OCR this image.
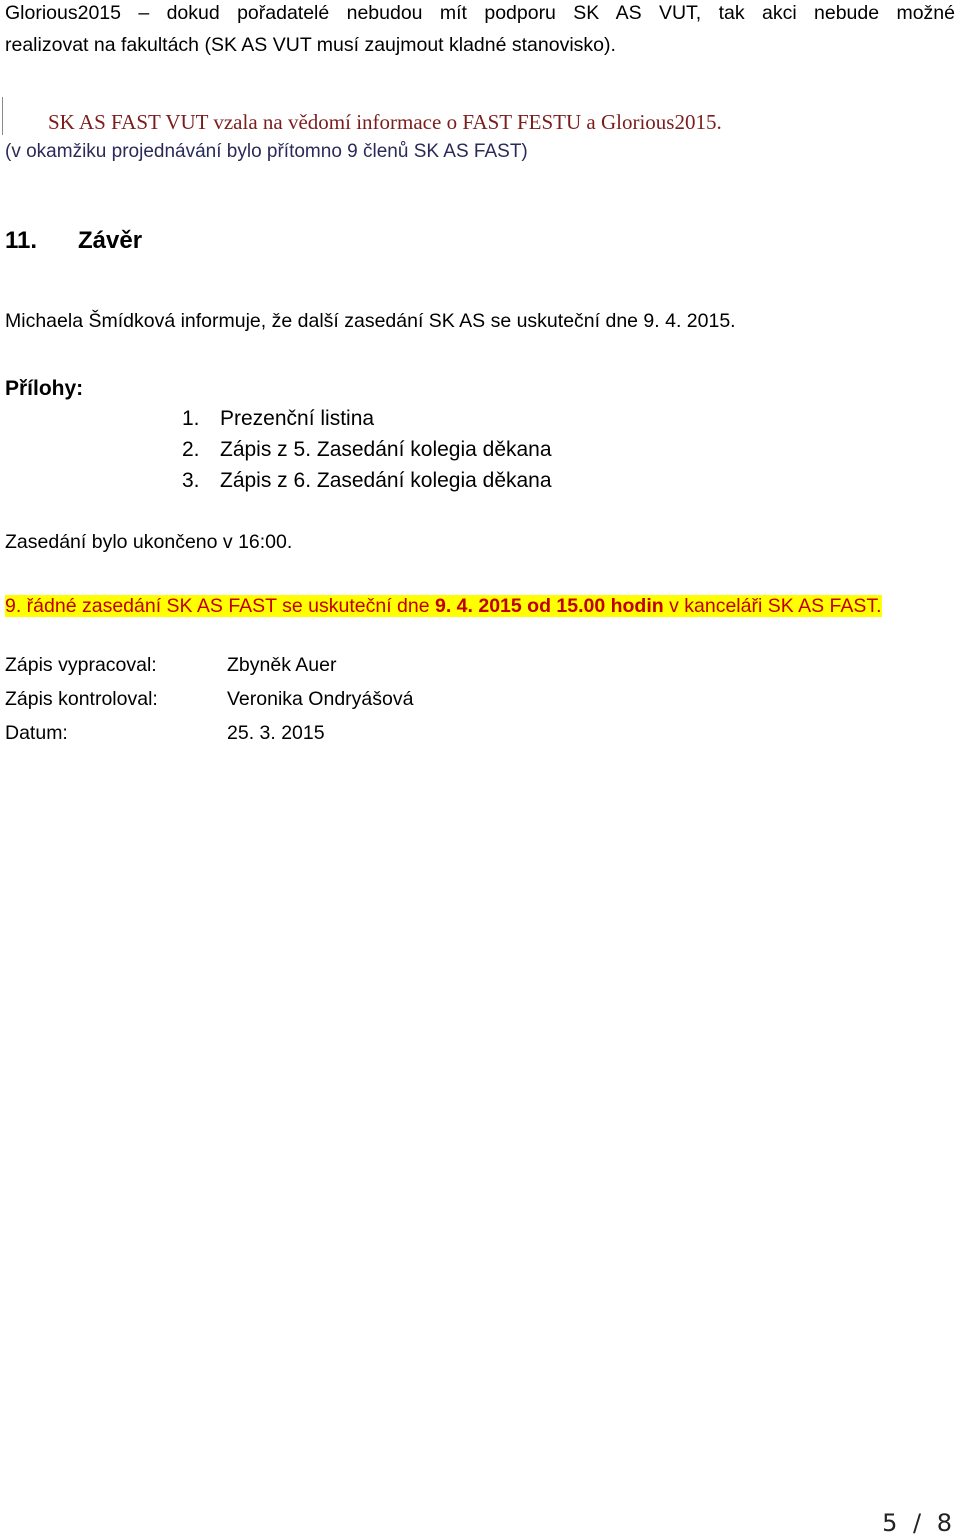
Glorious2015 – dokud pořadatelé nebudou mít podporu SK AS VUT, tak akci nebude možné
realizovat na fakultách (SK AS VUT musí zaujmout kladné stanovisko).
SK AS FAST VUT vzala na vědomí informace o FAST FESTU a Glorious2015.
(v okamžiku projednávání bylo přítomno 9 členů SK AS FAST)
11. Závěr
Michaela Šmídková informuje, že další zasedání SK AS se uskuteční dne 9. 4. 2015.
Přílohy:
1. Prezenční listina
2. Zápis z 5. Zasedání kolegia děkana
3. Zápis z 6. Zasedání kolegia děkana
Zasedání bylo ukončeno v 16:00.
9. řádné zasedání SK AS FAST se uskuteční dne 9. 4. 2015 od 15.00 hodin v kanceláři SK AS FAST.
Zápis vypracoval:	Zbyněk Auer
Zápis kontroloval:	Veronika Ondryášová
Datum:	25. 3. 2015
5 / 8
